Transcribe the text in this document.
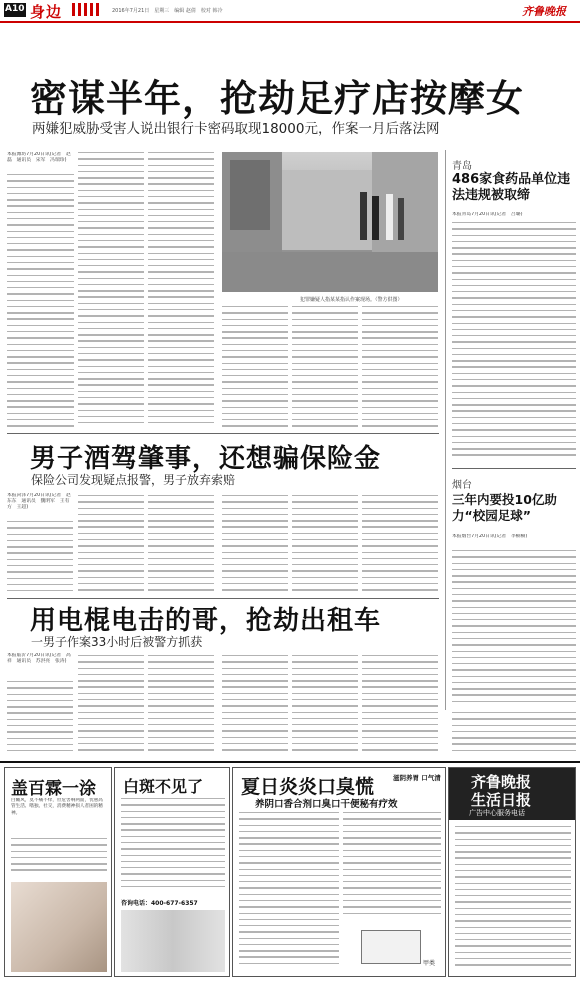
A10 身边	2016年7月21日　星期三　编辑 赵倩　校对 韩冷	齐鲁晚报
密谋半年，抢劫足疗店按摩女
两嫌犯威胁受害人说出银行卡密码取现18000元，作案一月后落法网
本报潍坊7月20日讯(记者　赵磊　通讯员　宋军　冯瑞珍)
犯罪嫌疑人指某某指认作案现场。（警方供图）
青岛
486家食药品单位违法违规被取缔
本报青岛7月20日讯(记者　吕璐)
男子酒驾肇事，还想骗保险金
保险公司发现疑点报警，男子放弃索赔
本报菏泽7月20日讯(记者　赵东东　通讯员　魏明军　王有方　王超)
烟台
三年内要投10亿助力“校园足球”
本报烟台7月20日讯(记者　李楠楠)
用电棍电击的哥，抢劫出租车
一男子作案33小时后被警方抓获
本报临沂7月20日讯(记者　高祥　通讯员　苏洪亮　张涛)
盖百霖一涂
白癜风，莫不痛不痒，但危害响两面，优惠高管生活、嗜独、社交，消费精神损人者困的精神。
白斑不见了
咨询电话：400-677-6357
夏日炎炎口臭慌	滋阴养胃 口气清
养阴口香合剂口臭口干便秘有疗效
甲类
齐鲁晚报
生活日报
广告中心服务电话
